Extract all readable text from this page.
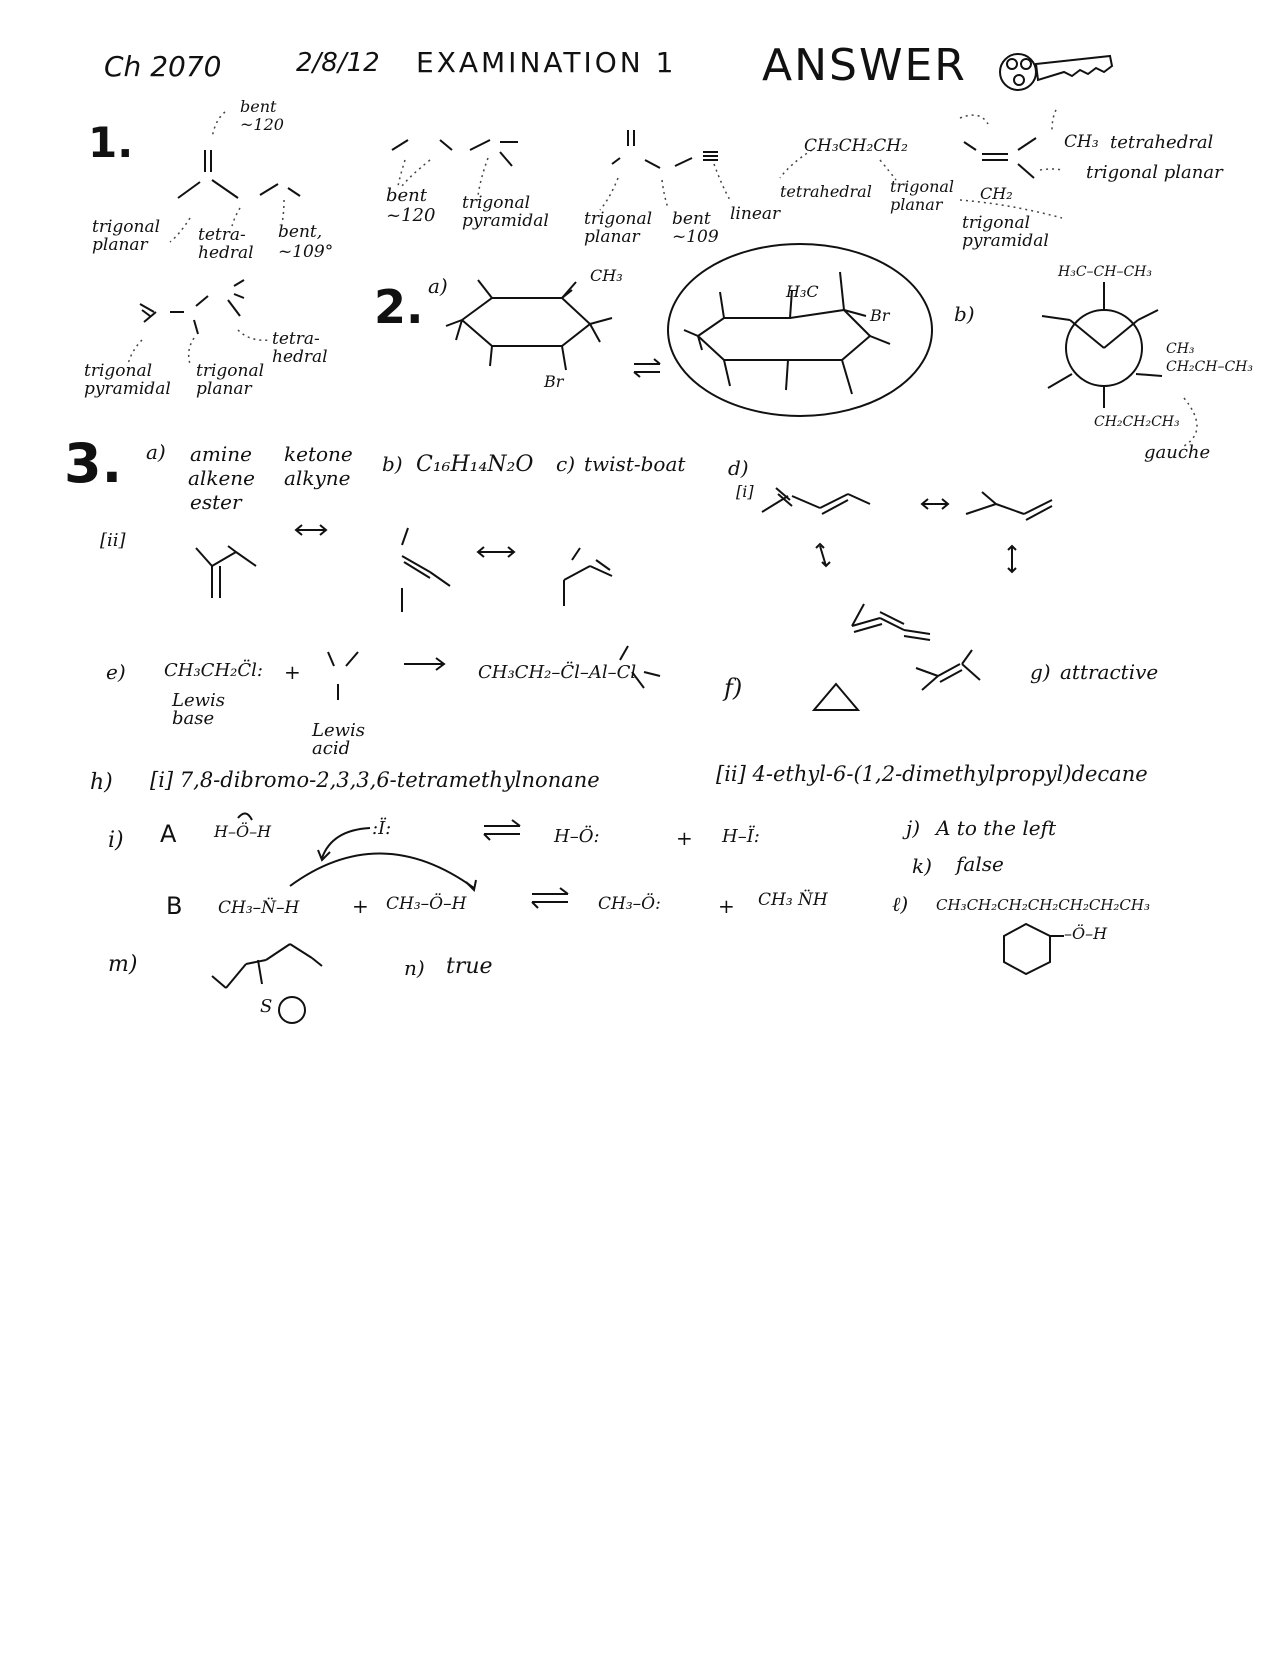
Ch 2070	2/8/12 EXAMINATION 1 ANSWER
1.
bent
~120
trigonal
planar	tetra-
hedral
bent,
~109°
bent
~120
trigonal
pyramidal trigonal
planar
bent
~109
linear
CH₃CH₂CH₂
tetrahedral trigonal
planar
CH₃ tetrahedral
trigonal planar
CH₂
trigonal
pyramidal
trigonal
pyramidal
trigonal
planar
tetra-
hedral
2. a)	CH₃
Br
H₃C
Br	b)
H₃C–CH–CH₃
CH₃
CH₂CH–CH₃
CH₂CH₂CH₃
gauche
3. a) amine ketone
alkene alkyne
ester
b) C₁₆H₁₄N₂O c) twist-boat d)
[i]
[ii]
e) CH₃CH₂C̈l: +
Lewis
base
Lewis
acid
CH₃CH₂–C̈l–Al–Cl
f)
g) attractive
h) [i] 7,8-dibromo-2,3,3,6-tetramethylnonane	[ii] 4-ethyl-6-(1,2-dimethylpropyl)decane
i) A H–Ö–H	:Ï:	H–Ö:	+ H–Ï:
B CH₃–N̈–H	+ CH₃–Ö–H	CH₃–Ö:	+ CH₃ N̈H
j) A to the left
k) false
ℓ) CH₃CH₂CH₂CH₂CH₂CH₂CH₃
–Ö–H
m)
S
n) true
